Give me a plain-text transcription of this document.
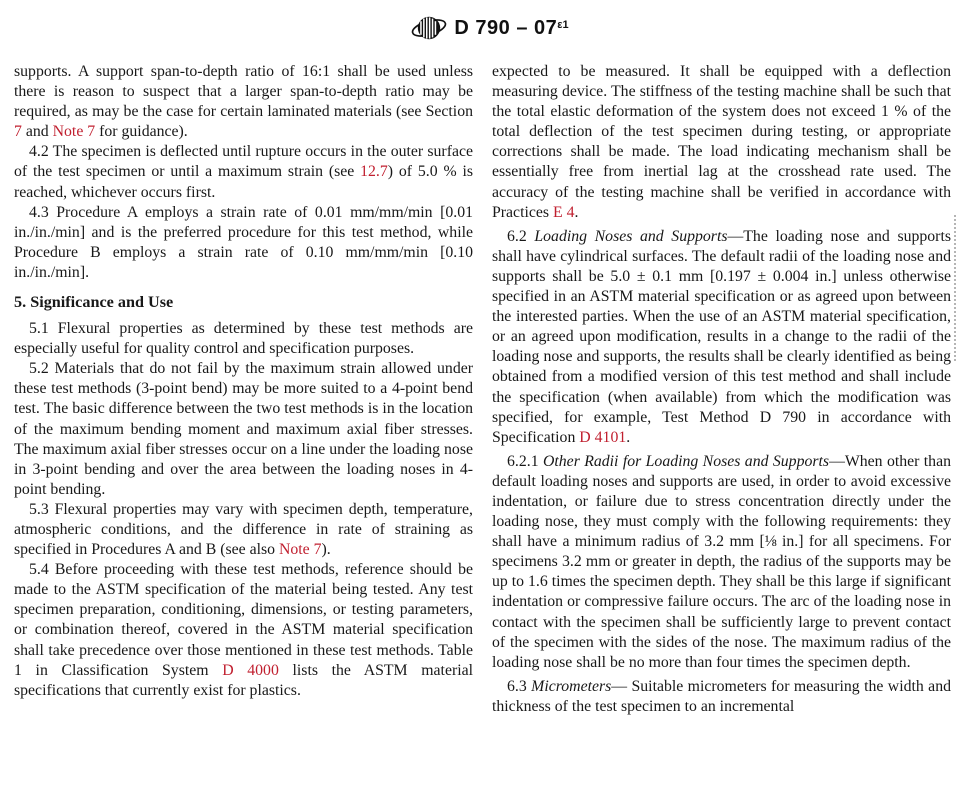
D $790 - 07^{\varepsilon 1}$

supports. A support span-to-depth ratio of 16:1 shall be used unless there is reason to suspect that a larger span-to-depth ratio may be required, as may be the case for certain laminated materials (see Section 7 and Note 7 for guidance).

4.2 The specimen is deflected until rupture occurs in the outer surface of the test specimen or until a maximum strain (see 12.7) of 5.0 % is reached, whichever occurs first.

4.3 Procedure A employs a strain rate of 0.01 mm/mm/min [0.01 in./in./min] and is the preferred procedure for this test method, while Procedure B employs a strain rate of 0.10 mm/mm/min [0.10 in./in./min].

5. Significance and Use

5.1 Flexural properties as determined by these test methods are especially useful for quality control and specification purposes.

5.2 Materials that do not fail by the maximum strain allowed under these test methods (3-point bend) may be more suited to a 4-point bend test. The basic difference between the two test methods is in the location of the maximum bending moment and maximum axial fiber stresses. The maximum axial fiber stresses occur on a line under the loading nose in 3-point bending and over the area between the loading noses in 4-point bending.

5.3 Flexural properties may vary with specimen depth, temperature, atmospheric conditions, and the difference in rate of straining as specified in Procedures A and B (see also Note 7).

5.4 Before proceeding with these test methods, reference should be made to the ASTM specification of the material being tested. Any test specimen preparation, conditioning, dimensions, or testing parameters, or combination thereof, covered in the ASTM material specification shall take precedence over those mentioned in these test methods. Table 1 in Classification System D 4000 lists the ASTM material specifications that currently exist for plastics.

expected to be measured. It shall be equipped with a deflection measuring device. The stiffness of the testing machine shall be such that the total elastic deformation of the system does not exceed 1 % of the total deflection of the test specimen during testing, or appropriate corrections shall be made. The load indicating mechanism shall be essentially free from inertial lag at the crosshead rate used. The accuracy of the testing machine shall be verified in accordance with Practices E 4.

6.2 Loading Noses and Supports—The loading nose and supports shall have cylindrical surfaces. The default radii of the loading nose and supports shall be 5.0 ± 0.1 mm [0.197 ± 0.004 in.] unless otherwise specified in an ASTM material specification or as agreed upon between the interested parties. When the use of an ASTM material specification, or an agreed upon modification, results in a change to the radii of the loading nose and supports, the results shall be clearly identified as being obtained from a modified version of this test method and shall include the specification (when available) from which the modification was specified, for example, Test Method D 790 in accordance with Specification D 4101.

6.2.1 Other Radii for Loading Noses and Supports—When other than default loading noses and supports are used, in order to avoid excessive indentation, or failure due to stress concentration directly under the loading nose, they must comply with the following requirements: they shall have a minimum radius of 3.2 mm [⅛ in.] for all specimens. For specimens 3.2 mm or greater in depth, the radius of the supports may be up to 1.6 times the specimen depth. They shall be this large if significant indentation or compressive failure occurs. The arc of the loading nose in contact with the specimen shall be sufficiently large to prevent contact of the specimen with the sides of the nose. The maximum radius of the loading nose shall be no more than four times the specimen depth.

6.3 Micrometers— Suitable micrometers for measuring the width and thickness of the test specimen to an incremental
